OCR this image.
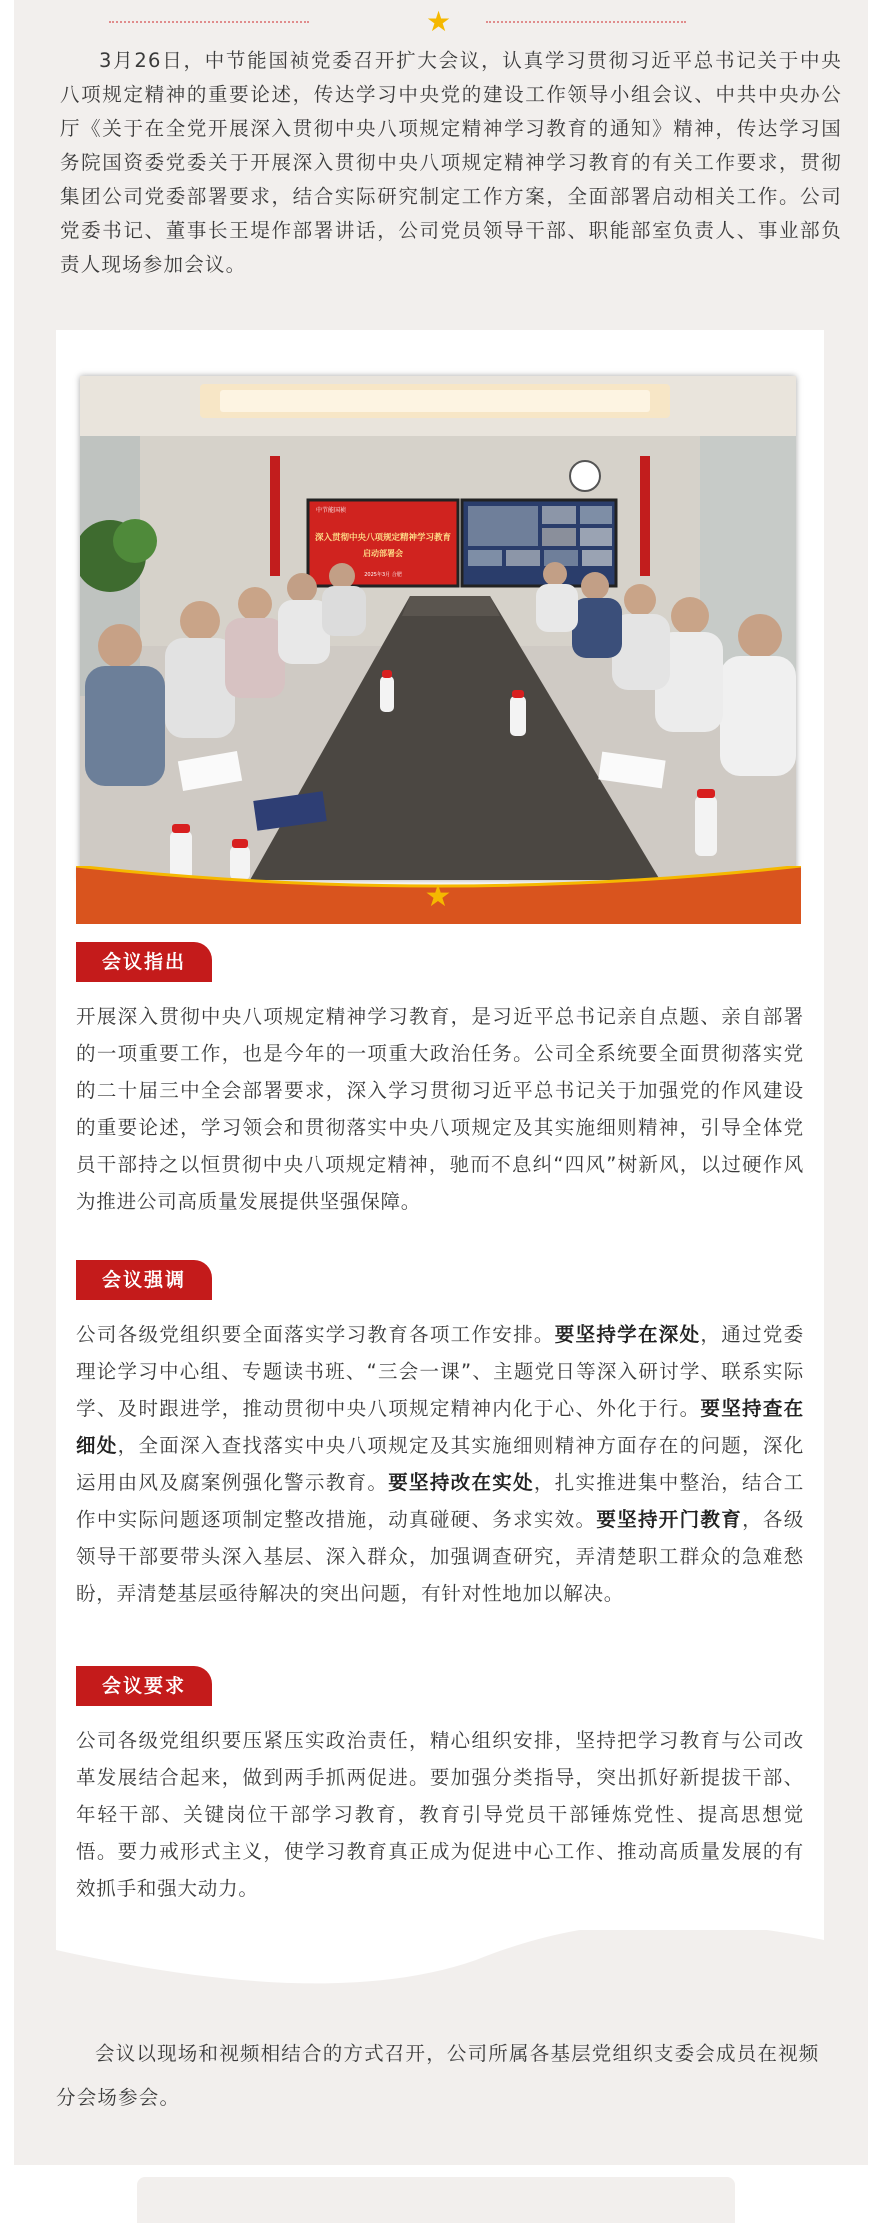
★

3月26日，中节能国祯党委召开扩大会议，认真学习贯彻习近平总书记关于中央八项规定精神的重要论述，传达学习中央党的建设工作领导小组会议、中共中央办公厅《关于在全党开展深入贯彻中央八项规定精神学习教育的通知》精神，传达学习国务院国资委党委关于开展深入贯彻中央八项规定精神学习教育的有关工作要求，贯彻集团公司党委部署要求，结合实际研究制定工作方案，全面部署启动相关工作。公司党委书记、董事长王堤作部署讲话，公司党员领导干部、职能部室负责人、事业部负责人现场参加会议。

中节能国祯
深入贯彻中央八项规定精神学习教育
启动部署会
2025年3月 合肥
★
会议指出

开展深入贯彻中央八项规定精神学习教育，是习近平总书记亲自点题、亲自部署的一项重要工作，也是今年的一项重大政治任务。公司全系统要全面贯彻落实党的二十届三中全会部署要求，深入学习贯彻习近平总书记关于加强党的作风建设的重要论述，学习领会和贯彻落实中央八项规定及其实施细则精神，引导全体党员干部持之以恒贯彻中央八项规定精神，驰而不息纠“四风”树新风，以过硬作风为推进公司高质量发展提供坚强保障。

会议强调

公司各级党组织要全面落实学习教育各项工作安排。要坚持学在深处，通过党委理论学习中心组、专题读书班、“三会一课”、主题党日等深入研讨学、联系实际学、及时跟进学，推动贯彻中央八项规定精神内化于心、外化于行。要坚持查在细处，全面深入查找落实中央八项规定及其实施细则精神方面存在的问题，深化运用由风及腐案例强化警示教育。要坚持改在实处，扎实推进集中整治，结合工作中实际问题逐项制定整改措施，动真碰硬、务求实效。要坚持开门教育，各级领导干部要带头深入基层、深入群众，加强调查研究，弄清楚职工群众的急难愁盼，弄清楚基层亟待解决的突出问题，有针对性地加以解决。

会议要求

公司各级党组织要压紧压实政治责任，精心组织安排，坚持把学习教育与公司改革发展结合起来，做到两手抓两促进。要加强分类指导，突出抓好新提拔干部、年轻干部、关键岗位干部学习教育，教育引导党员干部锤炼党性、提高思想觉悟。要力戒形式主义，使学习教育真正成为促进中心工作、推动高质量发展的有效抓手和强大动力。

会议以现场和视频相结合的方式召开，公司所属各基层党组织支委会成员在视频分会场参会。
